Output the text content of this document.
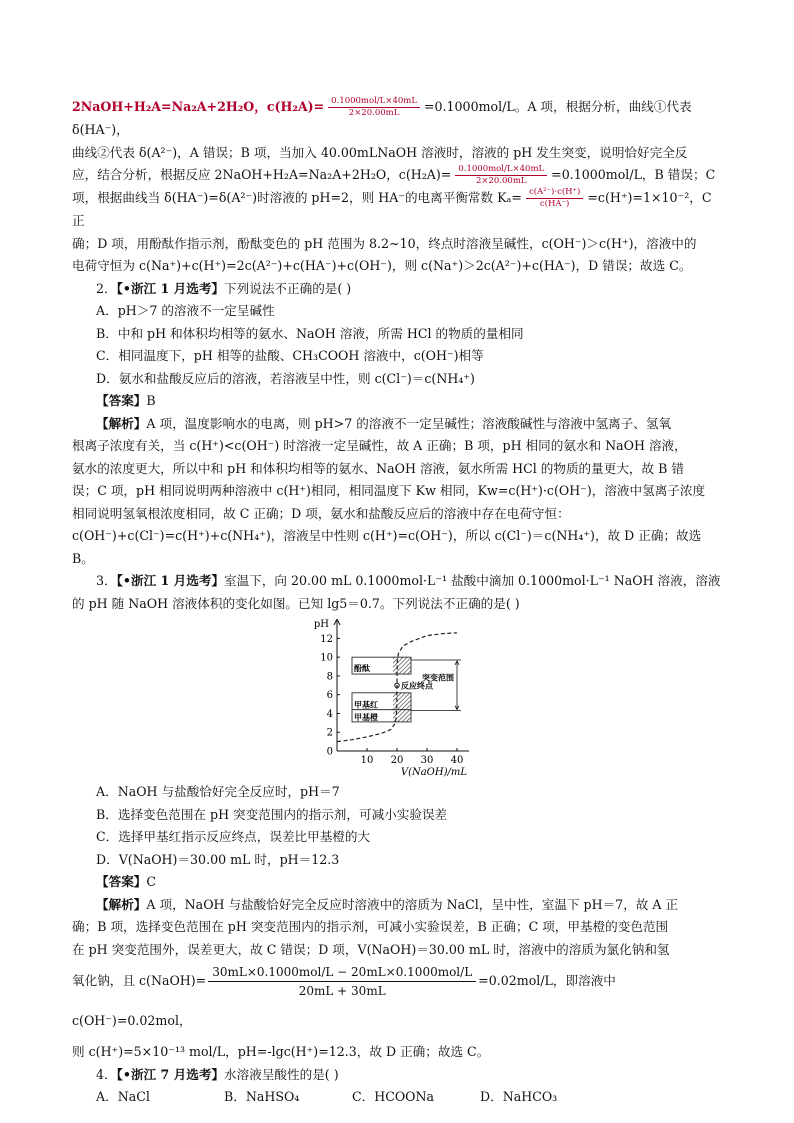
2NaOH+H₂A=Na₂A+2H₂O，$c(H_2A)= \frac{\text{0.1000mol/L×40mL}}{2\times 20.00mL} =0.1000mol/L$。A 项，根据分析，曲线①代表 δ(HA⁻)，

曲线②代表 δ(A²⁻)，A 错误；B 项，当加入 40.00mLNaOH 溶液时，溶液的 pH 发生突变，说明恰好完全反

应，结合分析，根据反应 2NaOH+H₂A=Na₂A+2H₂O，$c(H_2A)= \frac{\text{0.1000mol/L×40mL}}{2\times 20.00mL} =0.1000mol/L$，B 错误；C

项，根据曲线当 δ(HA⁻)=δ(A²⁻)时溶液的 pH=2，则 HA⁻的电离平衡常数 $K_a= \frac{\text{c(A²⁻)·c(H⁺)}}{c(HA^-)} =c(H^+)=1\times 10^{-2}$，C 正

确；D 项，用酚酞作指示剂，酚酞变色的 pH 范围为 8.2~10，终点时溶液呈碱性，c(OH⁻)＞c(H⁺)，溶液中的

电荷守恒为 c(Na⁺)+c(H⁺)=2c(A²⁻)+c(HA⁻)+c(OH⁻)，则 c(Na⁺)＞2c(A²⁻)+c(HA⁻)，D 错误；故选 C。

2．【•浙江 1 月选考】下列说法不正确的是( )

A．pH＞7 的溶液不一定呈碱性

B．中和 pH 和体积均相等的氨水、NaOH 溶液，所需 HCl 的物质的量相同

C．相同温度下，pH 相等的盐酸、CH₃COOH 溶液中，c(OH⁻)相等

D．氨水和盐酸反应后的溶液，若溶液呈中性，则 c(Cl⁻)＝c(NH₄⁺)

【答案】B

【解析】A 项，温度影响水的电离，则 pH>7 的溶液不一定呈碱性；溶液酸碱性与溶液中氢离子、氢氧

根离子浓度有关，当 c(H⁺)<c(OH⁻) 时溶液一定呈碱性，故 A 正确；B 项，pH 相同的氨水和 NaOH 溶液，

氨水的浓度更大，所以中和 pH 和体积均相等的氨水、NaOH 溶液，氨水所需 HCl 的物质的量更大，故 B 错

误；C 项，pH 相同说明两种溶液中 c(H⁺)相同，相同温度下 Kw 相同，Kw=c(H⁺)·c(OH⁻)，溶液中氢离子浓度

相同说明氢氧根浓度相同，故 C 正确；D 项，氨水和盐酸反应后的溶液中存在电荷守恒：

c(OH⁻)+c(Cl⁻)=c(H⁺)+c(NH₄⁺)，溶液呈中性则 c(H⁺)=c(OH⁻)，所以 c(Cl⁻)＝c(NH₄⁺)，故 D 正确；故选 B。

3．【•浙江 1 月选考】室温下，向 20.00 mL 0.1000mol·L⁻¹ 盐酸中滴加 0.1000mol·L⁻¹ NaOH 溶液，溶液

的 pH 随 NaOH 溶液体积的变化如图。已知 lg5＝0.7。下列说法不正确的是( )

pH
0
2
4
6
8
10
12
10 20 30 40
V(NaOH)/mL
酚酞
甲基红
甲基橙
反应终点
突变范围

A．NaOH 与盐酸恰好完全反应时，pH＝7

B．选择变色范围在 pH 突变范围内的指示剂，可减小实验误差

C．选择甲基红指示反应终点，误差比甲基橙的大

D．V(NaOH)＝30.00 mL 时，pH＝12.3

【答案】C

【解析】A 项，NaOH 与盐酸恰好完全反应时溶液中的溶质为 NaCl，呈中性，室温下 pH＝7，故 A 正

确；B 项，选择变色范围在 pH 突变范围内的指示剂，可减小实验误差，B 正确；C 项，甲基橙的变色范围

在 pH 突变范围外，误差更大，故 C 错误；D 项，V(NaOH)＝30.00 mL 时，溶液中的溶质为氯化钠和氢

氧化钠，且 c(NaOH)= $\frac{\text{30mL×0.1000mol/L − 20mL×0.1000mol/L}}{20mL + 30mL} =0.02mol/L$，即溶液中 c(OH⁻)=0.02mol，

则 c(H⁺)=5×10⁻¹³ mol/L，pH=-lgc(H⁺)=12.3，故 D 正确；故选 C。

4．【•浙江 7 月选考】水溶液呈酸性的是( )

A．NaCl	B．NaHSO₄	C．HCOONa	D．NaHCO₃
